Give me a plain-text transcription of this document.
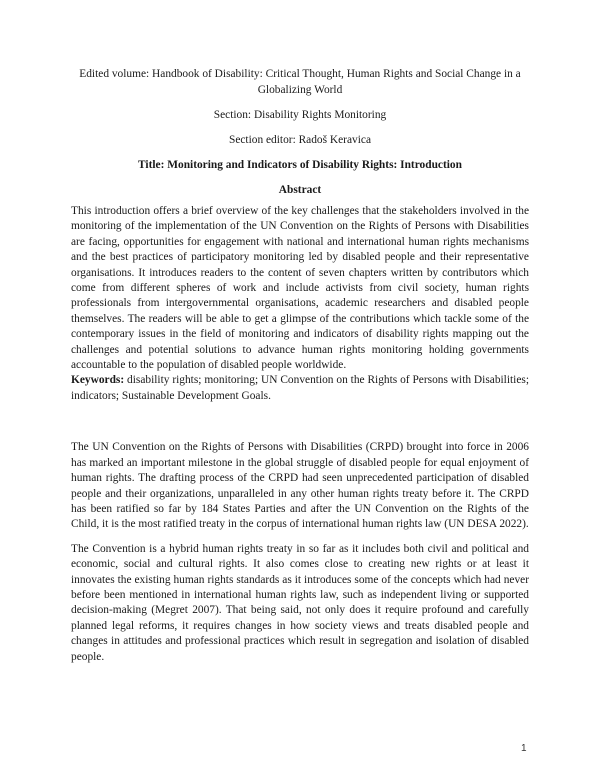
Edited volume: Handbook of Disability: Critical Thought, Human Rights and Social Change in a Globalizing World

Section: Disability Rights Monitoring

Section editor: Radoš Keravica

Title: Monitoring and Indicators of Disability Rights: Introduction

Abstract

This introduction offers a brief overview of the key challenges that the stakeholders involved in the monitoring of the implementation of the UN Convention on the Rights of Persons with Disabilities are facing, opportunities for engagement with national and international human rights mechanisms and the best practices of participatory monitoring led by disabled people and their representative organisations. It introduces readers to the content of seven chapters written by contributors which come from different spheres of work and include activists from civil society, human rights professionals from intergovernmental organisations, academic researchers and disabled people themselves. The readers will be able to get a glimpse of the contributions which tackle some of the contemporary issues in the field of monitoring and indicators of disability rights mapping out the challenges and potential solutions to advance human rights monitoring holding governments accountable to the population of disabled people worldwide.

Keywords: disability rights; monitoring; UN Convention on the Rights of Persons with Disabilities; indicators; Sustainable Development Goals.

The UN Convention on the Rights of Persons with Disabilities (CRPD) brought into force in 2006 has marked an important milestone in the global struggle of disabled people for equal enjoyment of human rights. The drafting process of the CRPD had seen unprecedented participation of disabled people and their organizations, unparalleled in any other human rights treaty before it. The CRPD has been ratified so far by 184 States Parties and after the UN Convention on the Rights of the Child, it is the most ratified treaty in the corpus of international human rights law (UN DESA 2022).

The Convention is a hybrid human rights treaty in so far as it includes both civil and political and economic, social and cultural rights. It also comes close to creating new rights or at least it innovates the existing human rights standards as it introduces some of the concepts which had never before been mentioned in international human rights law, such as independent living or supported decision-making (Megret 2007). That being said, not only does it require profound and carefully planned legal reforms, it requires changes in how society views and treats disabled people and changes in attitudes and professional practices which result in segregation and isolation of disabled people.

1
